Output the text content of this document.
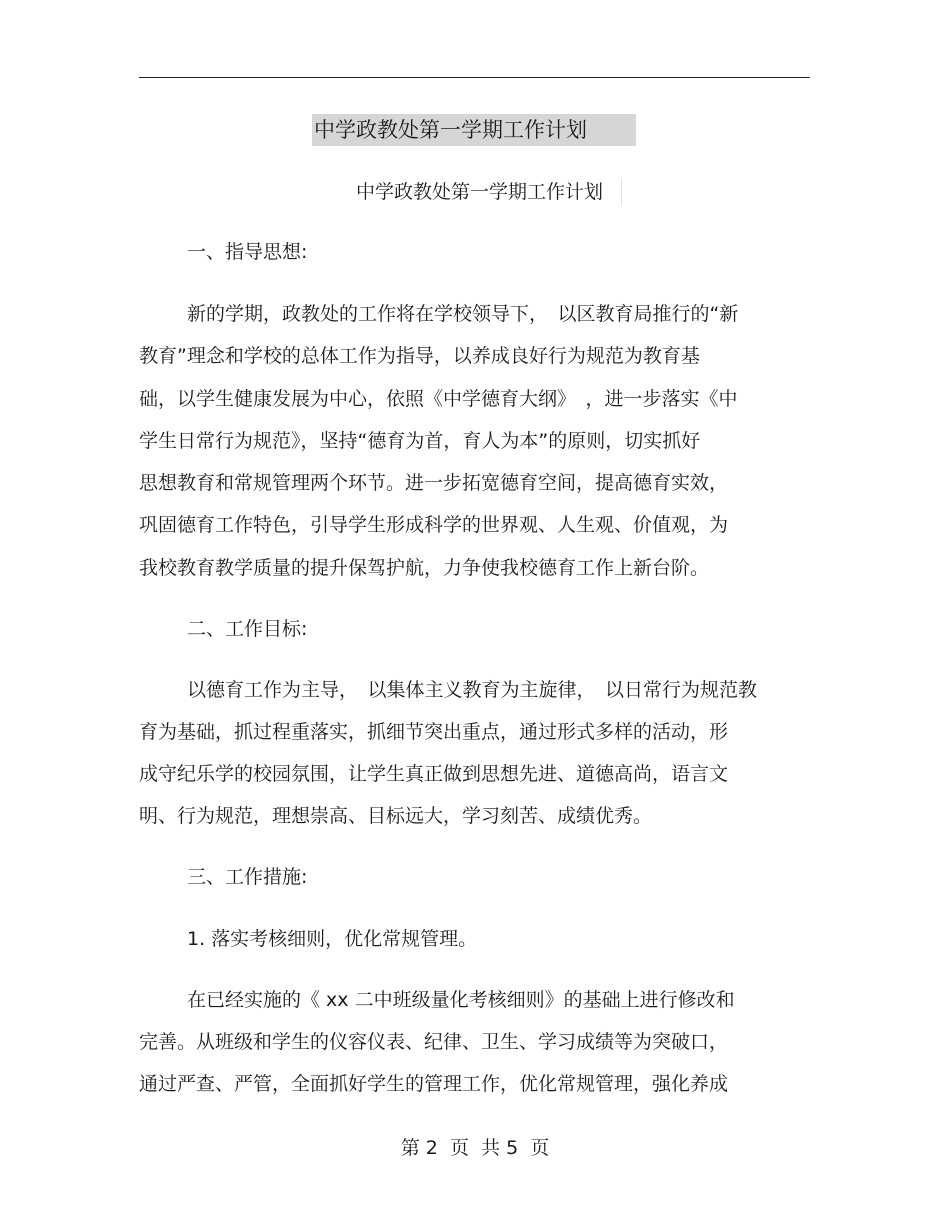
中学政教处第一学期工作计划
中学政教处第一学期工作计划
一、指导思想:
新的学期，政教处的工作将在学校领导下，　以区教育局推行的“新
教育”理念和学校的总体工作为指导，以养成良好行为规范为教育基
础，以学生健康发展为中心，依照《中学德育大纲》　，进一步落实《中
学生日常行为规范》，坚持“德育为首，育人为本”的原则，切实抓好
思想教育和常规管理两个环节。进一步拓宽德育空间，提高德育实效，
巩固德育工作特色，引导学生形成科学的世界观、人生观、价值观，为
我校教育教学质量的提升保驾护航，力争使我校德育工作上新台阶。
二、工作目标:
以德育工作为主导，　以集体主义教育为主旋律，　以日常行为规范教
育为基础，抓过程重落实，抓细节突出重点，通过形式多样的活动，形
成守纪乐学的校园氛围，让学生真正做到思想先进、道德高尚，语言文
明、行为规范，理想崇高、目标远大，学习刻苦、成绩优秀。
三、工作措施:
1. 落实考核细则，优化常规管理。
在已经实施的《 xx 二中班级量化考核细则》的基础上进行修改和
完善。从班级和学生的仪容仪表、纪律、卫生、学习成绩等为突破口，
通过严查、严管，全面抓好学生的管理工作，优化常规管理，强化养成
第 2  页  共 5  页
